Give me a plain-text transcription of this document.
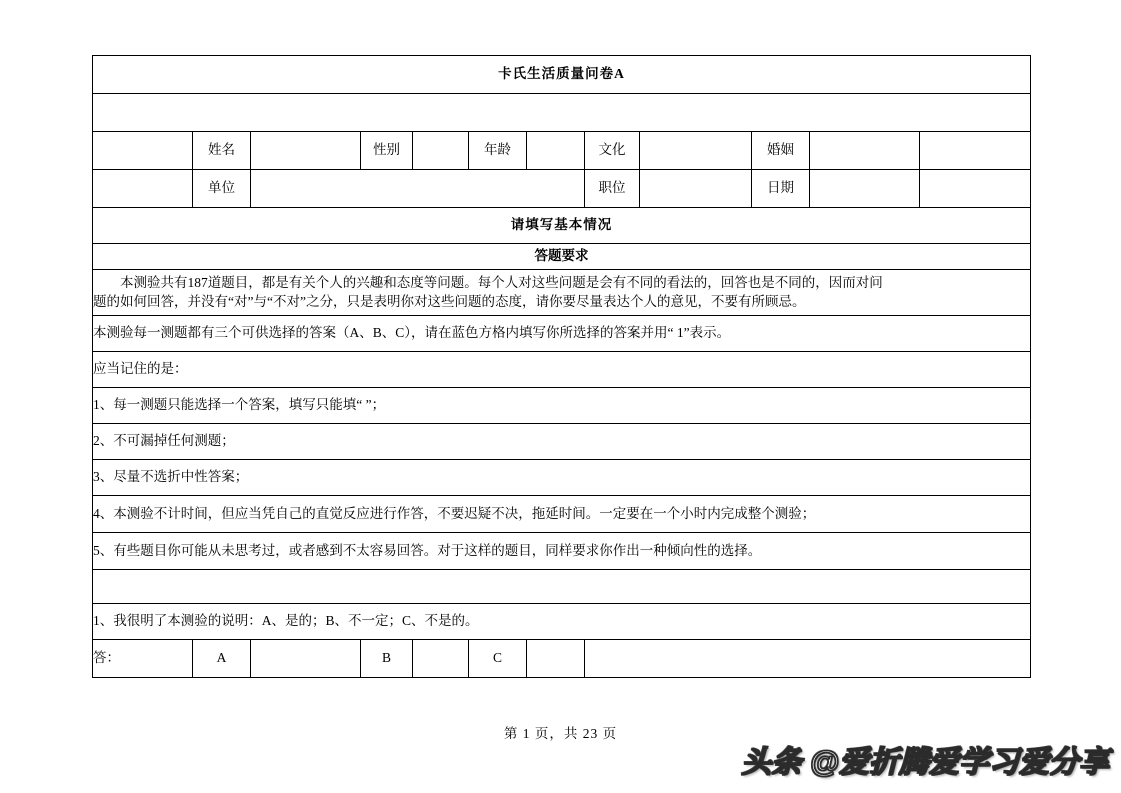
卡氏生活质量问卷A											

	姓名		性别		年龄		文化		婚姻		
	单位						职位		日期		
请填写基本情况											
答题要求											

本测验共有187道题目，都是有关个人的兴趣和态度等问题。每个人对这些问题是会有不同的看法的，回答也是不同的，因而对问
题的如何回答，并没有“对”与“不对”之分，只是表明你对这些问题的态度，请你要尽量表达个人的意见，不要有所顾忌。											
本测验每一测题都有三个可供选择的答案（A、B、C），请在蓝色方格内填写你所选择的答案并用“ 1”表示。											
应当记住的是：											
1、每一测题只能选择一个答案，填写只能填“ ”；											
2、不可漏掉任何测题；											
3、尽量不选折中性答案；											
4、本测验不计时间，但应当凭自己的直觉反应进行作答，不要迟疑不决，拖延时间。一定要在一个小时内完成整个测验；											
5、有些题目你可能从未思考过，或者感到不太容易回答。对于这样的题目，同样要求你作出一种倾向性的选择。											

1、我很明了本测验的说明：A、是的；B、不一定；C、不是的。											
答：	A		B		C						
第 1 页，共 23 页
头条 @爱折腾爱学习爱分享
